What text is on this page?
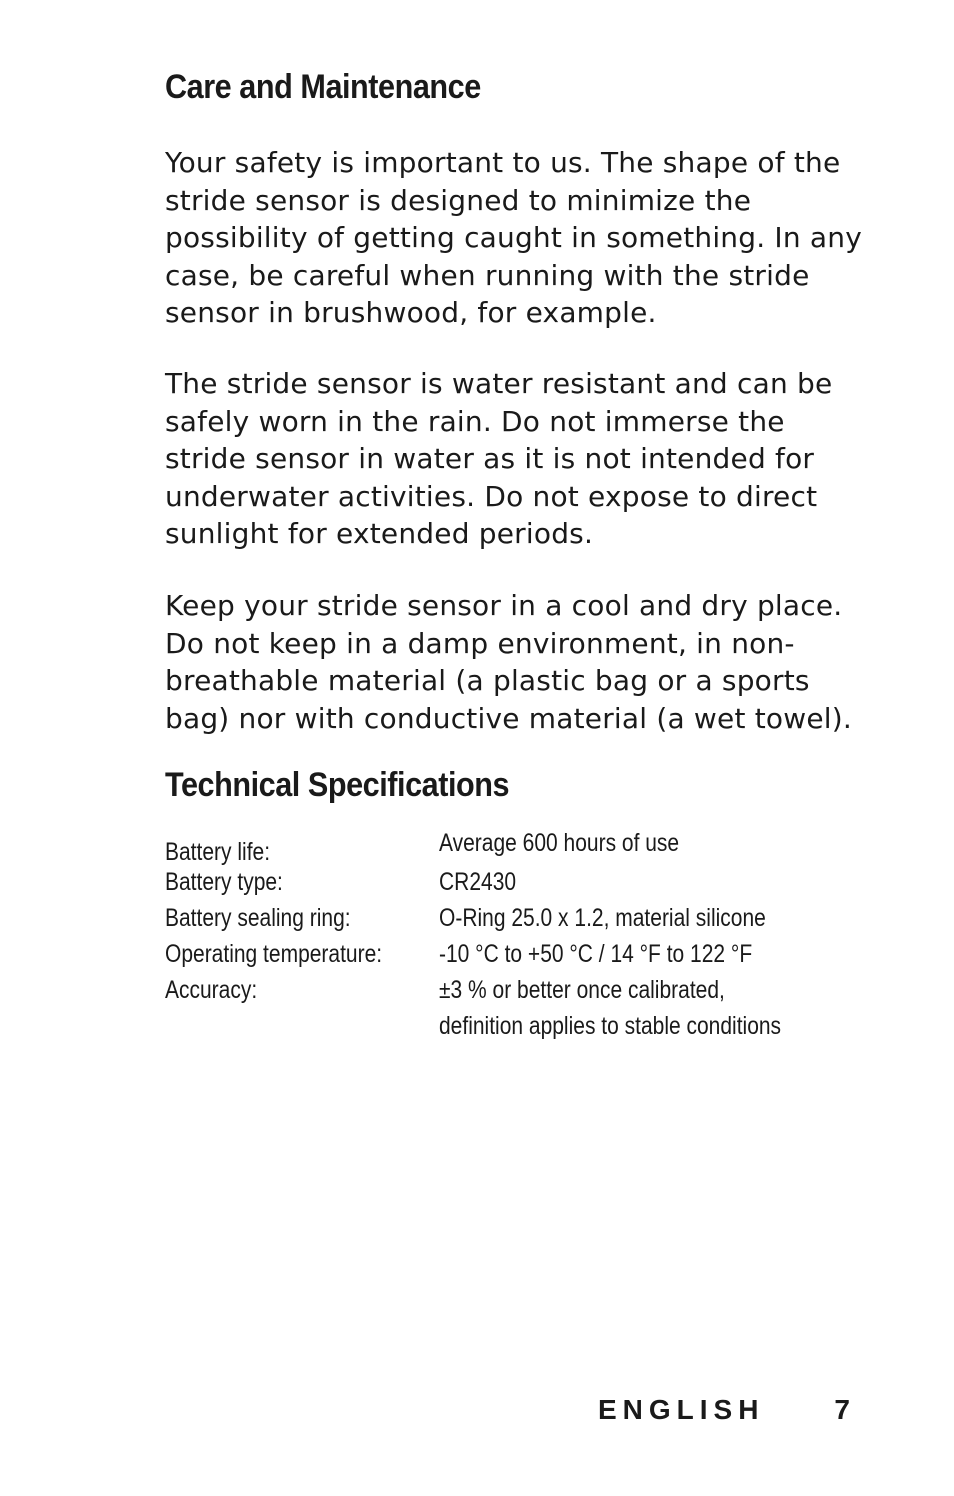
Care and Maintenance

Your safety is important to us. The shape of the stride sensor is designed to minimize the possibility of getting caught in something. In any case, be careful when running with the stride sensor in brushwood, for example.

The stride sensor is water resistant and can be safely worn in the rain. Do not immerse the stride sensor in water as it is not intended for underwater activities. Do not expose to direct sunlight for extended periods.

Keep your stride sensor in a cool and dry place. Do not keep in a damp environment, in non-breathable material (a plastic bag or a sports bag) nor with conductive material (a wet towel).

Technical Specifications
Battery life:	Average 600 hours of use
Battery type:	CR2430
Battery sealing ring:	O-Ring 25.0 x 1.2, material silicone
Operating temperature: -10 °C to +50 °C / 14 °F to 122 °F
Accuracy:	±3 % or better once calibrated,
definition applies to stable conditions
ENGLISH	7
